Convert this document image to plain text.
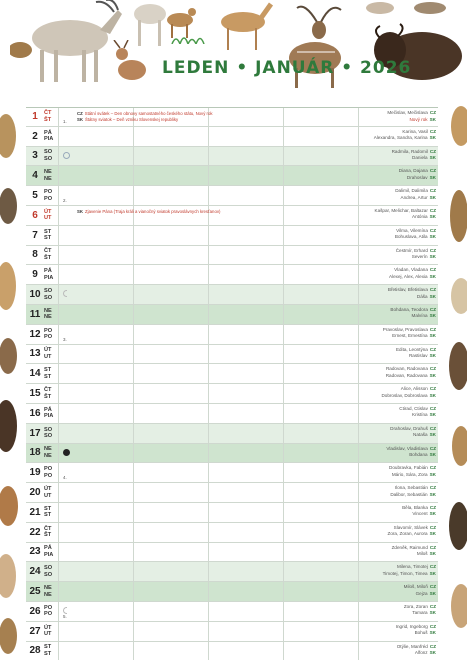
LEDEN • JANUÁR • 2026
1	ČT
ŠT	1.
Mečislav, Mečislava CZ
Nový rok SK
CZ Státní svátek – Den obnovy samostatného českého státu, Nový rok
SK Štátny sviatok – Deň vzniku Slovenskej republiky
2	PÁ
PIA
Karina, Vasil CZ
Alexandra, Sandra, Karina SK
3	SO
SO
Radmila, Radomil CZ
Daniela SK
4	NE
NE
Diana, Dajana CZ
Drahoslav SK
5	PO
PO	2.
Dalimil, Dalimila CZ
Andrea, Artur SK
6	ÚT
UT
Kašpar, Melichar, Baltazar CZ
Antónia SK
SK Zjavenie Pána (Traja králi a vianočný sviatok pravoslávnych kresťanov)
7	ST
ST
Vilma, Vilemína CZ
Bohuslava, Atila SK
8	ČT
ŠT
Čestmír, Erhard CZ
Severín SK
9	PÁ
PIA
Vladan, Vladana CZ
Alexej, Alex, Alexia SK
10 SO
SO
Břetislav, Břetislava CZ
Dáša SK
11 NE
NE
Bohdana, Teodora CZ
Malvína SK
12 PO
PO	3.
Pravoslav, Pravoslava CZ
Ernest, Ernestína SK
13 ÚT
UT
Edita, Leontýna CZ
Rastislav SK
14 ST
ST
Radovan, Radovana CZ
Radovan, Radovana SK
15 ČT
ŠT
Alice, Alisson CZ
Dobroslav, Dobroslava SK
16 PÁ
PIA
Ctirad, Ctislav CZ
Kristína SK
17 SO
SO
Drahoslav, Drahuš CZ
Nataša SK
18 NE
NE
Vladislav, Vladislava CZ
Bohdana SK
19 PO
PO	4.
Doubravka, Fabián CZ
Mário, Sára, Zora SK
20 ÚT
UT
Ilona, Sebastián CZ
Dalibor, Sebastián SK
21 ST
ST
Běla, Blanka CZ
Vincent SK
22 ČT
ŠT
Slavomír, Slávek CZ
Zora, Zoran, Aurora SK
23 PÁ
PIA
Zdeněk, Raimund CZ
Miloš SK
24 SO
SO
Milena, Timotej CZ
Timotej, Timon, Timea SK
25 NE
NE
Miloš, Miloň CZ
Gejza SK
26 PO
PO	5.
Zora, Zoran CZ
Tamara SK
27 ÚT
UT
Ingrid, Ingeborg CZ
Bohuš SK
28 ST
ST
Otýlie, Manfréd CZ
Alfonz SK
